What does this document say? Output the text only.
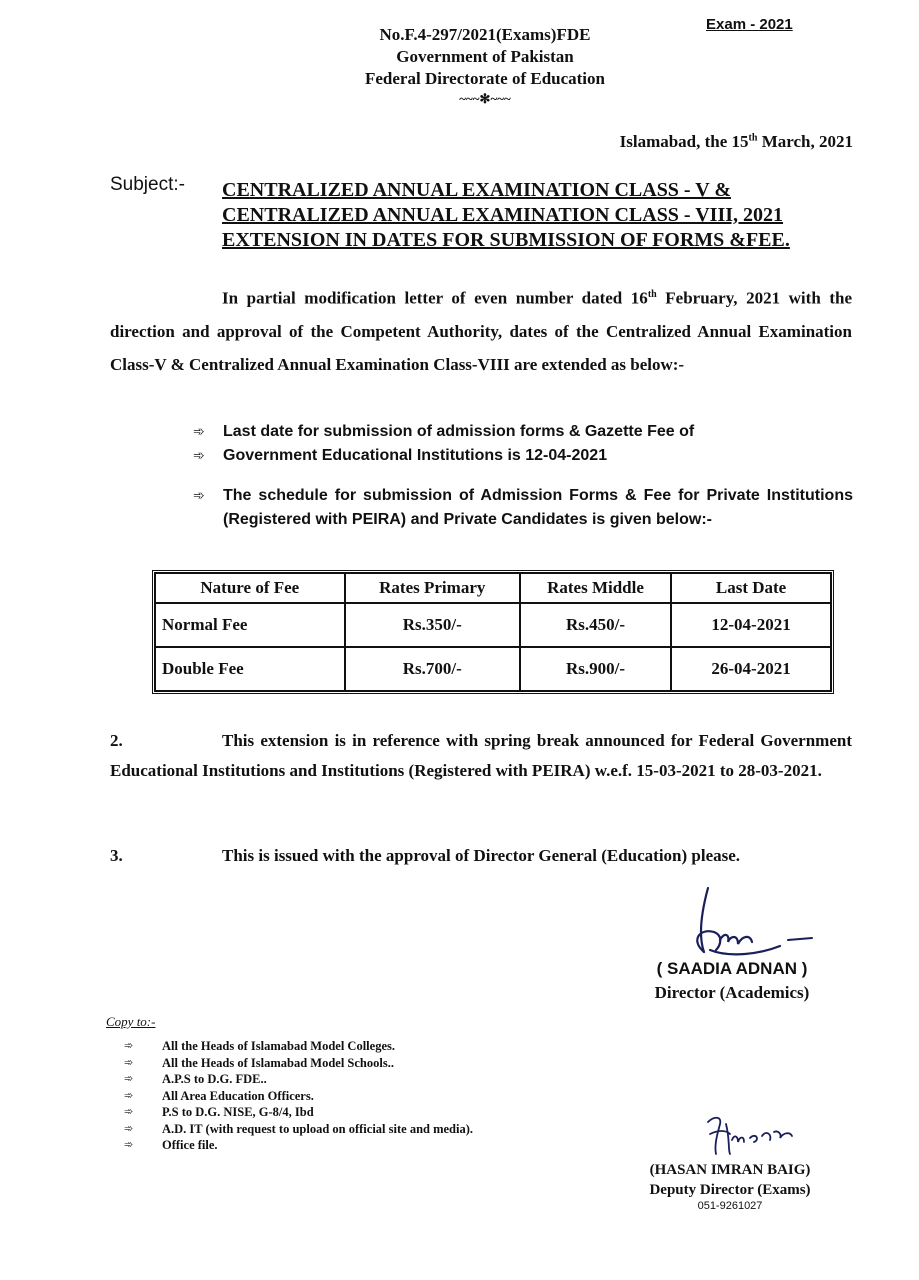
Exam - 2021
No.F.4-297/2021(Exams)FDE
Government of Pakistan
Federal Directorate of Education
~~~✻~~~
Islamabad, the 15th March, 2021
Subject:- CENTRALIZED ANNUAL EXAMINATION CLASS - V &
CENTRALIZED ANNUAL EXAMINATION CLASS - VIII, 2021
EXTENSION IN DATES FOR SUBMISSION OF FORMS &FEE.
In partial modification letter of even number dated 16th February, 2021 with the direction and approval of the Competent Authority, dates of the Centralized Annual Examination Class-V & Centralized Annual Examination Class-VIII are extended as below:-
➾	Last date for submission of admission forms & Gazette Fee of
➾	Government Educational Institutions is 12-04-2021
➾	The schedule for submission of Admission Forms & Fee for Private Institutions (Registered with PEIRA) and Private Candidates is given below:-
Nature of Fee	Rates Primary	Rates Middle	Last Date
Normal Fee	Rs.350/-	Rs.450/-	12-04-2021
Double Fee	Rs.700/-	Rs.900/-	26-04-2021
2.	This extension is in reference with spring break announced for Federal Government Educational Institutions and Institutions (Registered with PEIRA) w.e.f. 15-03-2021 to 28-03-2021.
3.	This is issued with the approval of Director General (Education) please.
( SAADIA ADNAN )
Director (Academics)
Copy to:-
➾	All the Heads of Islamabad Model Colleges.
➾	All the Heads of Islamabad Model Schools..
➾	A.P.S to D.G. FDE..
➾	All Area Education Officers.
➾	P.S to D.G. NISE, G-8/4, Ibd
➾	A.D. IT (with request to upload on official site and media).
➾	Office file.
(HASAN IMRAN BAIG)
Deputy Director (Exams)
051-9261027
